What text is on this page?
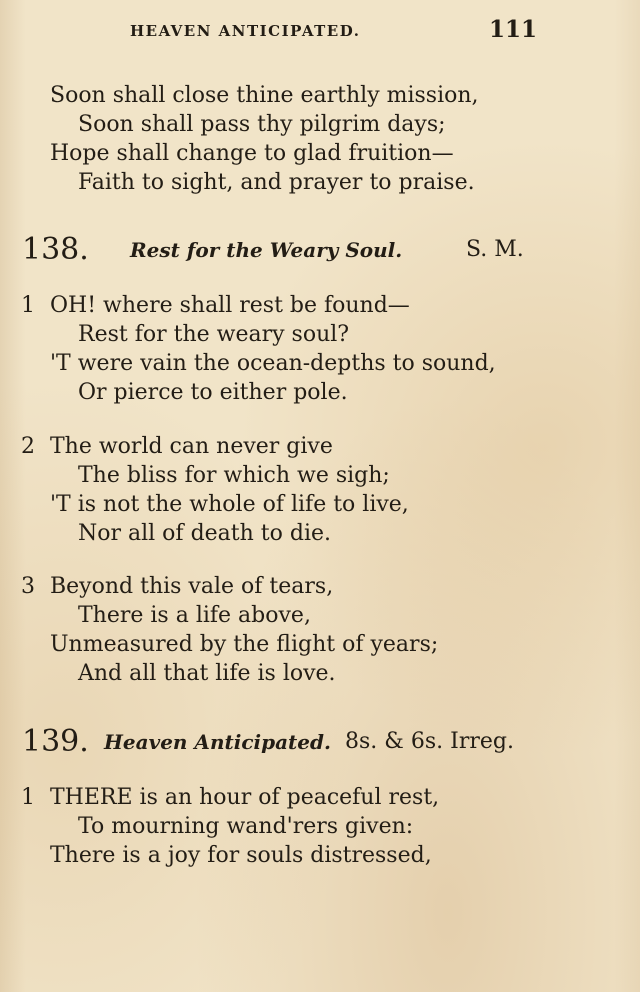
HEAVEN ANTICIPATED.	111
Soon shall close thine earthly mission,
Soon shall pass thy pilgrim days;
Hope shall change to glad fruition—
Faith to sight, and prayer to praise.
138. Rest for the Weary Soul.	S. M.
1 OH! where shall rest be found—
Rest for the weary soul?
'T were vain the ocean-depths to sound,
Or pierce to either pole.
2 The world can never give
The bliss for which we sigh;
'T is not the whole of life to live,
Nor all of death to die.
3 Beyond this vale of tears,
There is a life above,
Unmeasured by the flight of years;
And all that life is love.
139. Heaven Anticipated. 8s. & 6s. Irreg.
1 THERE is an hour of peaceful rest,
To mourning wand'rers given:
There is a joy for souls distressed,
